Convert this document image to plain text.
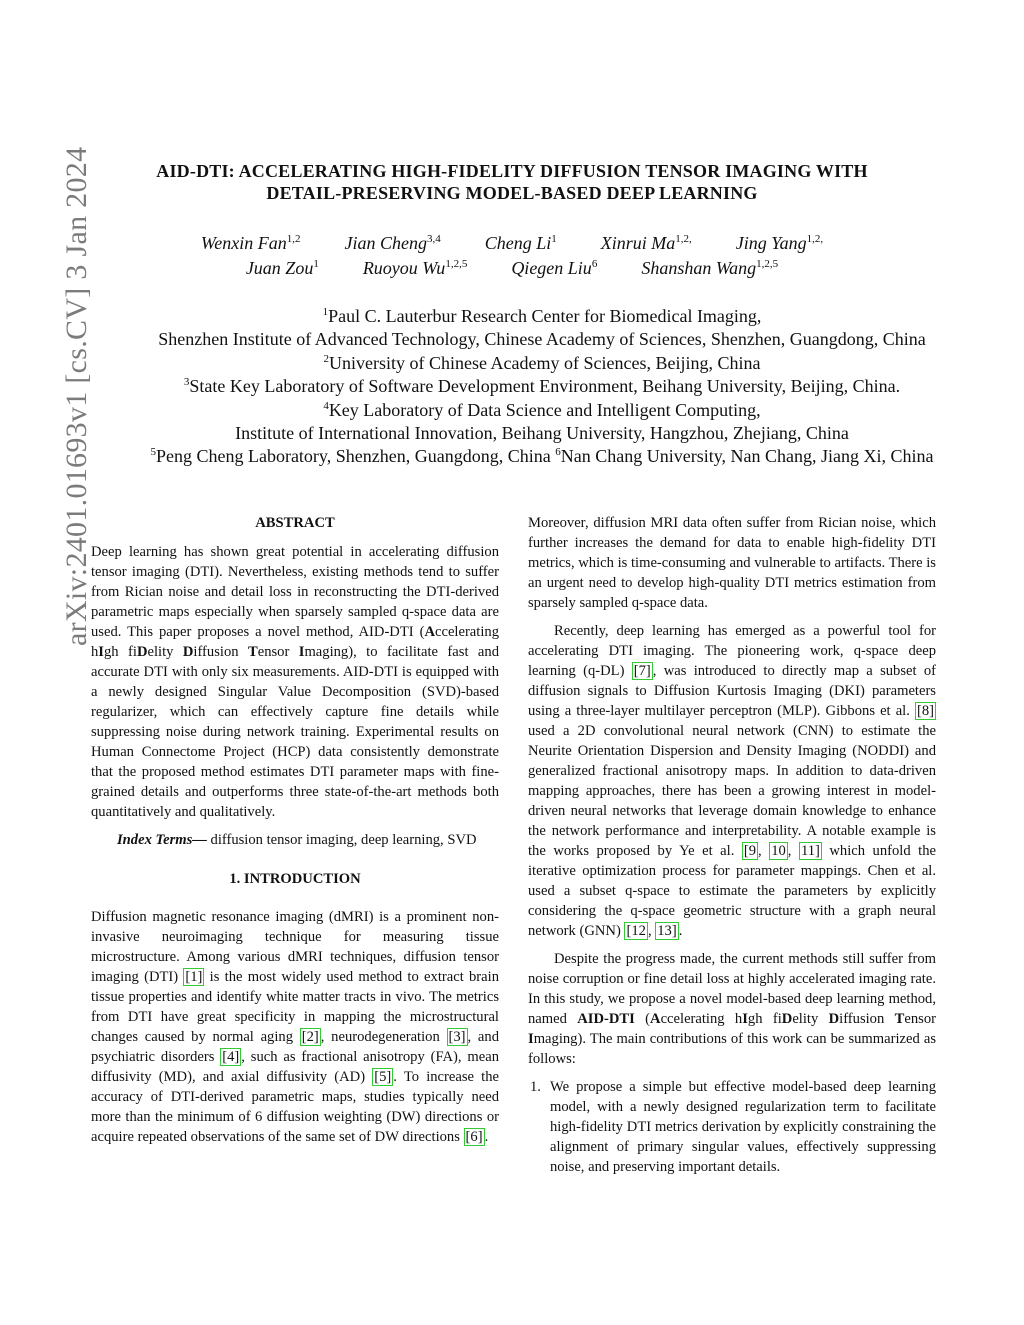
arXiv:2401.01693v1 [cs.CV] 3 Jan 2024	AID-DTI: ACCELERATING HIGH-FIDELITY DIFFUSION TENSOR IMAGING WITH
DETAIL-PRESERVING MODEL-BASED DEEP LEARNING
Wenxin Fan$^{1,2}$ Jian Cheng$^{3,4}$ Cheng Li$^1$ Xinrui $Ma^{1,2,}$ Jing Yang$^{1,2,}$
Juan Zou$^1$ Ruoyou Wu$^{1,2,5}$ Qiegen Liu$^6$ Shanshan Wang$^{1,2,5}$
$^1$Paul C. Lauterbur Research Center for Biomedical Imaging,
Shenzhen Institute of Advanced Technology, Chinese Academy of Sciences, Shenzhen, Guangdong, China
$^2$University of Chinese Academy of Sciences, Beijing, China
$^3$State Key Laboratory of Software Development Environment, Beihang University, Beijing, China.
$^4$Key Laboratory of Data Science and Intelligent Computing,
Institute of International Innovation, Beihang University, Hangzhou, Zhejiang, China
$^5$Peng Cheng Laboratory, Shenzhen, Guangdong, China $^6$Nan Chang University, Nan Chang, Jiang Xi, China

ABSTRACT

Deep learning has shown great potential in accelerating diffusion tensor imaging (DTI). Nevertheless, existing methods tend to suffer from Rician noise and detail loss in reconstructing the DTI-derived parametric maps especially when sparsely sampled q-space data are used. This paper proposes a novel method, AID-DTI (Accelerating hIgh fiDelity Diffusion Tensor Imaging), to facilitate fast and accurate DTI with only six measurements. AID-DTI is equipped with a newly designed Singular Value Decomposition (SVD)-based regularizer, which can effectively capture fine details while suppressing noise during network training. Experimental results on Human Connectome Project (HCP) data consistently demonstrate that the proposed method estimates DTI parameter maps with fine-grained details and outperforms three state-of-the-art methods both quantitatively and qualitatively.

Index Terms— diffusion tensor imaging, deep learning, SVD

1. INTRODUCTION

Diffusion magnetic resonance imaging (dMRI) is a prominent non-invasive neuroimaging technique for measuring tissue microstructure. Among various dMRI techniques, diffusion tensor imaging (DTI) [1] is the most widely used method to extract brain tissue properties and identify white matter tracts in vivo. The metrics from DTI have great specificity in mapping the microstructural changes caused by normal aging [2] , neurodegeneration [3] , and psychiatric disorders [4] , such as fractional anisotropy (FA), mean diffusivity (MD), and axial diffusivity (AD) [5] . To increase the accuracy of DTI-derived parametric maps, studies typically need more than the minimum of 6 diffusion weighting (DW) directions or acquire repeated observations of the same set of DW directions [6] .

Moreover, diffusion MRI data often suffer from Rician noise, which further increases the demand for data to enable high-fidelity DTI metrics, which is time-consuming and vulnerable to artifacts. There is an urgent need to develop high-quality DTI metrics estimation from sparsely sampled q-space data.

Recently, deep learning has emerged as a powerful tool for accelerating DTI imaging. The pioneering work, q-space deep learning (q-DL) [7] , was introduced to directly map a subset of diffusion signals to Diffusion Kurtosis Imaging (DKI) parameters using a three-layer multilayer perceptron (MLP). Gibbons et al. [8] used a 2D convolutional neural network (CNN) to estimate the Neurite Orientation Dispersion and Density Imaging (NODDI) and generalized fractional anisotropy maps. In addition to data-driven mapping approaches, there has been a growing interest in model-driven neural networks that leverage domain knowledge to enhance the network performance and interpretability. A notable example is the works proposed by Ye et al. [9 , 10 , 11] which unfold the iterative optimization process for parameter mappings. Chen et al. used a subset q-space to estimate the parameters by explicitly considering the q-space geometric structure with a graph neural network (GNN) [12 , 13] .

Despite the progress made, the current methods still suffer from noise corruption or fine detail loss at highly accelerated imaging rate. In this study, we propose a novel model-based deep learning method, named AID-DTI (Accelerating hIgh fiDelity Diffusion Tensor Imaging). The main contributions of this work can be summarized as follows:

1. We propose a simple but effective model-based deep learning model, with a newly designed regularization term to facilitate high-fidelity DTI metrics derivation by explicitly constraining the alignment of primary singular values, effectively suppressing noise, and preserving important details.
